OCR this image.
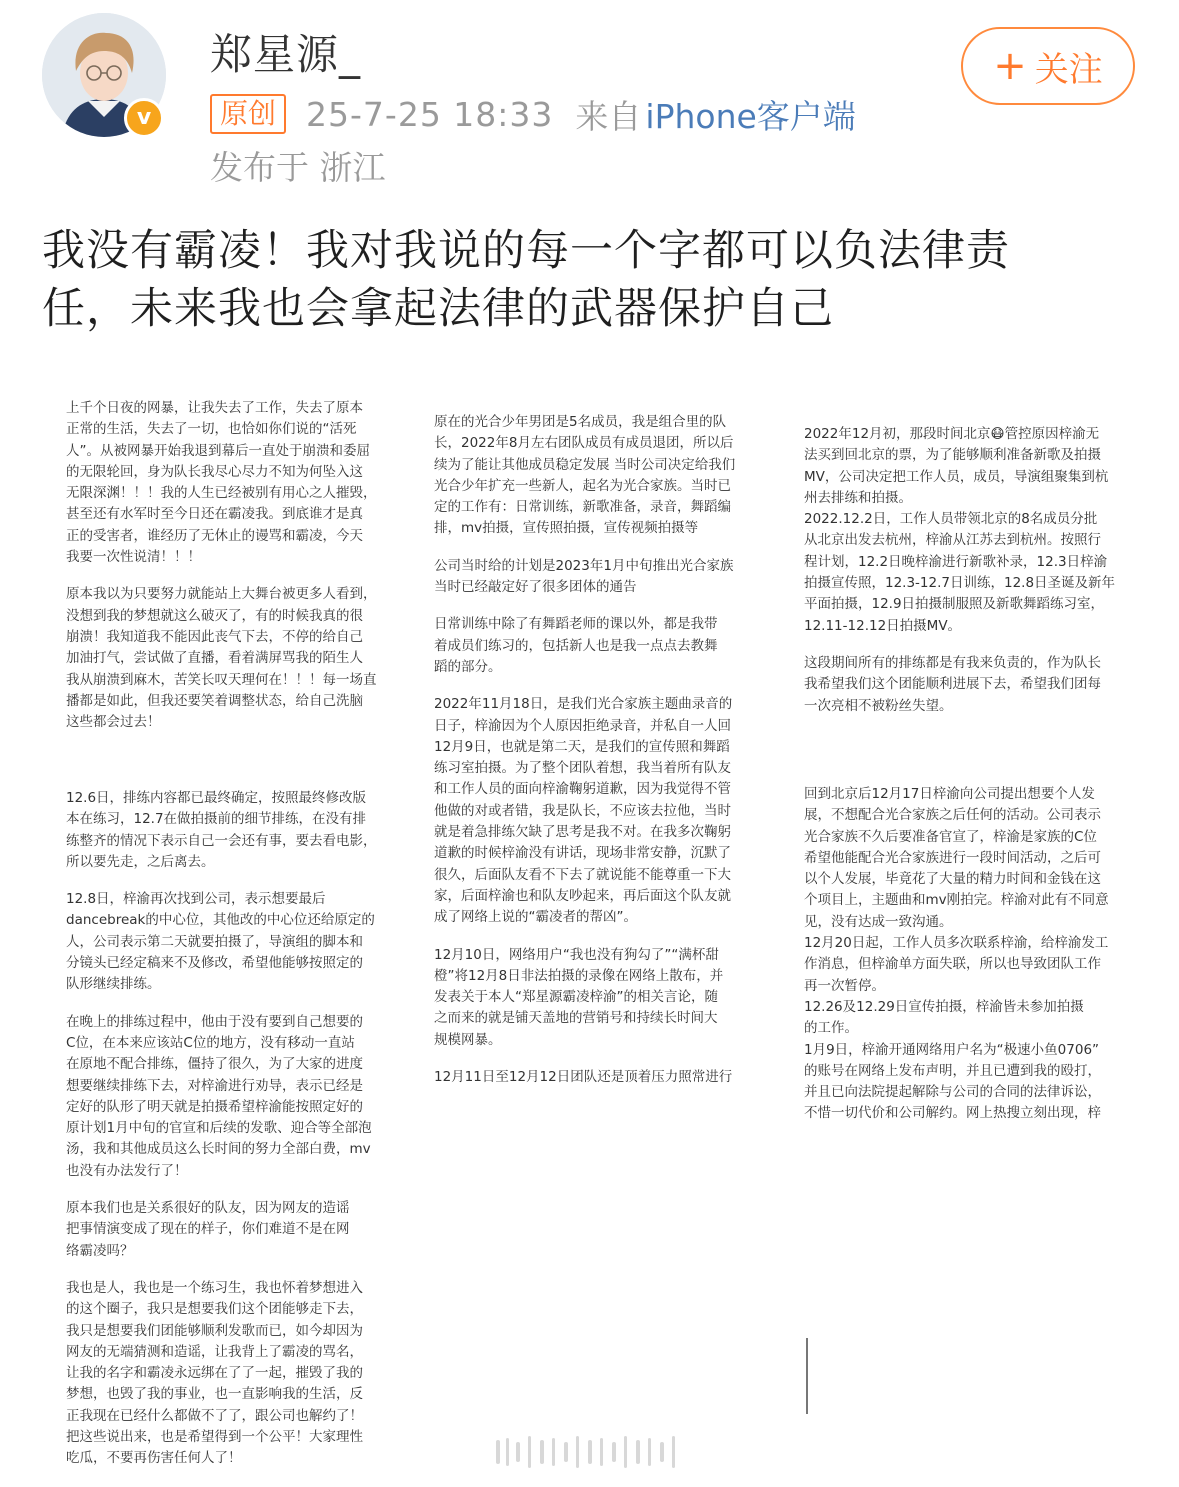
v
郑星源_
原创 25-7-25 18:33 来自 iPhone客户端
发布于 浙江
+ 关注
我没有霸凌！我对我说的每一个字都可以负法律责
任，未来我也会拿起法律的武器保护自己

上千个日夜的网暴，让我失去了工作，失去了原本
正常的生活，失去了一切，也恰如你们说的“活死
人”。从被网暴开始我退到幕后一直处于崩溃和委屈
的无限轮回，身为队长我尽心尽力不知为何坠入这
无限深渊！！！我的人生已经被别有用心之人摧毁，
甚至还有水军时至今日还在霸凌我。到底谁才是真
正的受害者，谁经历了无休止的谩骂和霸凌，今天
我要一次性说清！！！

原本我以为只要努力就能站上大舞台被更多人看到，
没想到我的梦想就这么破灭了，有的时候我真的很
崩溃！我知道我不能因此丧气下去，不停的给自己
加油打气，尝试做了直播，看着满屏骂我的陌生人
我从崩溃到麻木，苦笑长叹天理何在！！！每一场直
播都是如此，但我还要笑着调整状态，给自己洗脑
这些都会过去！

12.6日，排练内容都已最终确定，按照最终修改版
本在练习，12.7在做拍摄前的细节排练，在没有排
练整齐的情况下表示自己一会还有事，要去看电影，
所以要先走，之后离去。

12.8日，梓渝再次找到公司，表示想要最后
dancebreak的中心位，其他改的中心位还给原定的
人，公司表示第二天就要拍摄了，导演组的脚本和
分镜头已经定稿来不及修改，希望他能够按照定的
队形继续排练。

在晚上的排练过程中，他由于没有要到自己想要的
C位，在本来应该站C位的地方，没有移动一直站
在原地不配合排练，僵持了很久，为了大家的进度
想要继续排练下去，对梓渝进行劝导，表示已经是
定好的队形了明天就是拍摄希望梓渝能按照定好的
原计划1月中旬的官宣和后续的发歌、迎合等全部泡
汤，我和其他成员这么长时间的努力全部白费，mv
也没有办法发行了！

原本我们也是关系很好的队友，因为网友的造谣
把事情演变成了现在的样子，你们难道不是在网
络霸凌吗？

我也是人，我也是一个练习生，我也怀着梦想进入
的这个圈子，我只是想要我们这个团能够走下去，
我只是想要我们团能够顺利发歌而已，如今却因为
网友的无端猜测和造谣，让我背上了霸凌的骂名，
让我的名字和霸凌永远绑在了了一起，摧毁了我的
梦想，也毁了我的事业，也一直影响我的生活，反
正我现在已经什么都做不了了，跟公司也解约了！
把这些说出来，也是希望得到一个公平！大家理性
吃瓜，不要再伤害任何人了！

原在的光合少年男团是5名成员，我是组合里的队
长，2022年8月左右团队成员有成员退团，所以后
续为了能让其他成员稳定发展 当时公司决定给我们
光合少年扩充一些新人，起名为光合家族。当时已
定的工作有：日常训练，新歌准备，录音，舞蹈编
排，mv拍摄，宣传照拍摄，宣传视频拍摄等

公司当时给的计划是2023年1月中旬推出光合家族
当时已经敲定好了很多团体的通告

日常训练中除了有舞蹈老师的课以外，都是我带
着成员们练习的，包括新人也是我一点点去教舞
蹈的部分。

2022年11月18日，是我们光合家族主题曲录音的
日子，梓渝因为个人原因拒绝录音，并私自一人回
12月9日，也就是第二天，是我们的宣传照和舞蹈
练习室拍摄。为了整个团队着想，我当着所有队友
和工作人员的面向梓渝鞠躬道歉，因为我觉得不管
他做的对或者错，我是队长，不应该去拉他，当时
就是着急排练欠缺了思考是我不对。在我多次鞠躬
道歉的时候梓渝没有讲话，现场非常安静，沉默了
很久，后面队友看不下去了就说能不能尊重一下大
家，后面梓渝也和队友吵起来，再后面这个队友就
成了网络上说的“霸凌者的帮凶”。

12月10日，网络用户“我也没有狗勾了”“满杯甜
橙”将12月8日非法拍摄的录像在网络上散布，并
发表关于本人“郑星源霸凌梓渝”的相关言论，随
之而来的就是铺天盖地的营销号和持续长时间大
规模网暴。

12月11日至12月12日团队还是顶着压力照常进行

2022年12月初，那段时间北京😷管控原因梓渝无
法买到回北京的票，为了能够顺利准备新歌及拍摄
MV，公司决定把工作人员，成员，导演组聚集到杭
州去排练和拍摄。
2022.12.2日，工作人员带领北京的8名成员分批
从北京出发去杭州，梓渝从江苏去到杭州。按照行
程计划，12.2日晚梓渝进行新歌补录，12.3日梓渝
拍摄宣传照，12.3-12.7日训练，12.8日圣诞及新年
平面拍摄，12.9日拍摄制服照及新歌舞蹈练习室，
12.11-12.12日拍摄MV。

这段期间所有的排练都是有我来负责的，作为队长
我希望我们这个团能顺利进展下去，希望我们团每
一次亮相不被粉丝失望。

回到北京后12月17日梓渝向公司提出想要个人发
展，不想配合光合家族之后任何的活动。公司表示
光合家族不久后要准备官宣了，梓渝是家族的C位
希望他能配合光合家族进行一段时间活动，之后可
以个人发展，毕竟花了大量的精力时间和金钱在这
个项目上，主题曲和mv刚拍完。梓渝对此有不同意
见，没有达成一致沟通。
12月20日起，工作人员多次联系梓渝，给梓渝发工
作消息，但梓渝单方面失联，所以也导致团队工作
再一次暂停。
12.26及12.29日宣传拍摄，梓渝皆未参加拍摄
的工作。
1月9日，梓渝开通网络用户名为“极速小鱼0706”
的账号在网络上发布声明，并且已遭到我的殴打，
并且已向法院提起解除与公司的合同的法律诉讼，
不惜一切代价和公司解约。网上热搜立刻出现，梓
